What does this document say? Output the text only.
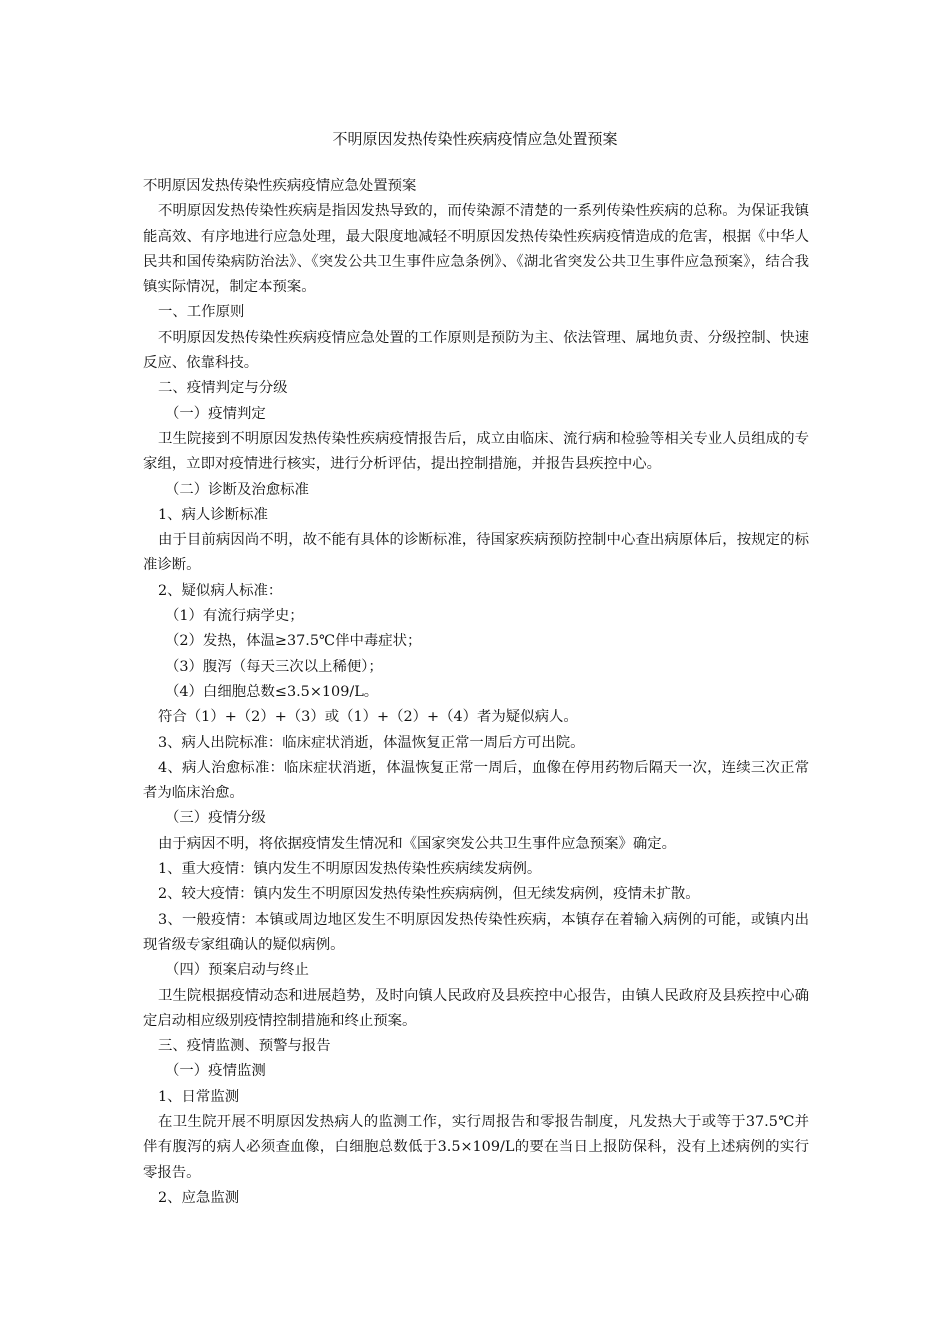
不明原因发热传染性疾病疫情应急处置预案

不明原因发热传染性疾病疫情应急处置预案

不明原因发热传染性疾病是指因发热导致的，而传染源不清楚的一系列传染性疾病的总称。为保证我镇能高效、有序地进行应急处理，最大限度地减轻不明原因发热传染性疾病疫情造成的危害，根据《中华人民共和国传染病防治法》、《突发公共卫生事件应急条例》、《湖北省突发公共卫生事件应急预案》，结合我镇实际情况，制定本预案。

一、工作原则

不明原因发热传染性疾病疫情应急处置的工作原则是预防为主、依法管理、属地负责、分级控制、快速反应、依靠科技。

二、疫情判定与分级

（一）疫情判定

卫生院接到不明原因发热传染性疾病疫情报告后，成立由临床、流行病和检验等相关专业人员组成的专家组，立即对疫情进行核实，进行分析评估，提出控制措施，并报告县疾控中心。

（二）诊断及治愈标准

1、病人诊断标准

由于目前病因尚不明，故不能有具体的诊断标准，待国家疾病预防控制中心查出病原体后，按规定的标准诊断。

2、疑似病人标准：

（1）有流行病学史；

（2）发热，体温≥37.5℃伴中毒症状；

（3）腹泻（每天三次以上稀便）；

（4）白细胞总数≤3.5×109/L。

符合（1）+（2）+（3）或（1）+（2）+（4）者为疑似病人。

3、病人出院标准：临床症状消逝，体温恢复正常一周后方可出院。

4、病人治愈标准：临床症状消逝，体温恢复正常一周后，血像在停用药物后隔天一次，连续三次正常者为临床治愈。

（三）疫情分级

由于病因不明，将依据疫情发生情况和《国家突发公共卫生事件应急预案》确定。

1、重大疫情：镇内发生不明原因发热传染性疾病续发病例。

2、较大疫情：镇内发生不明原因发热传染性疾病病例，但无续发病例，疫情未扩散。

3、一般疫情：本镇或周边地区发生不明原因发热传染性疾病，本镇存在着输入病例的可能，或镇内出现省级专家组确认的疑似病例。

（四）预案启动与终止

卫生院根据疫情动态和进展趋势，及时向镇人民政府及县疾控中心报告，由镇人民政府及县疾控中心确定启动相应级别疫情控制措施和终止预案。

三、疫情监测、预警与报告

（一）疫情监测

1、日常监测

在卫生院开展不明原因发热病人的监测工作，实行周报告和零报告制度，凡发热大于或等于37.5℃并伴有腹泻的病人必须查血像，白细胞总数低于3.5×109/L的要在当日上报防保科，没有上述病例的实行零报告。

2、应急监测
